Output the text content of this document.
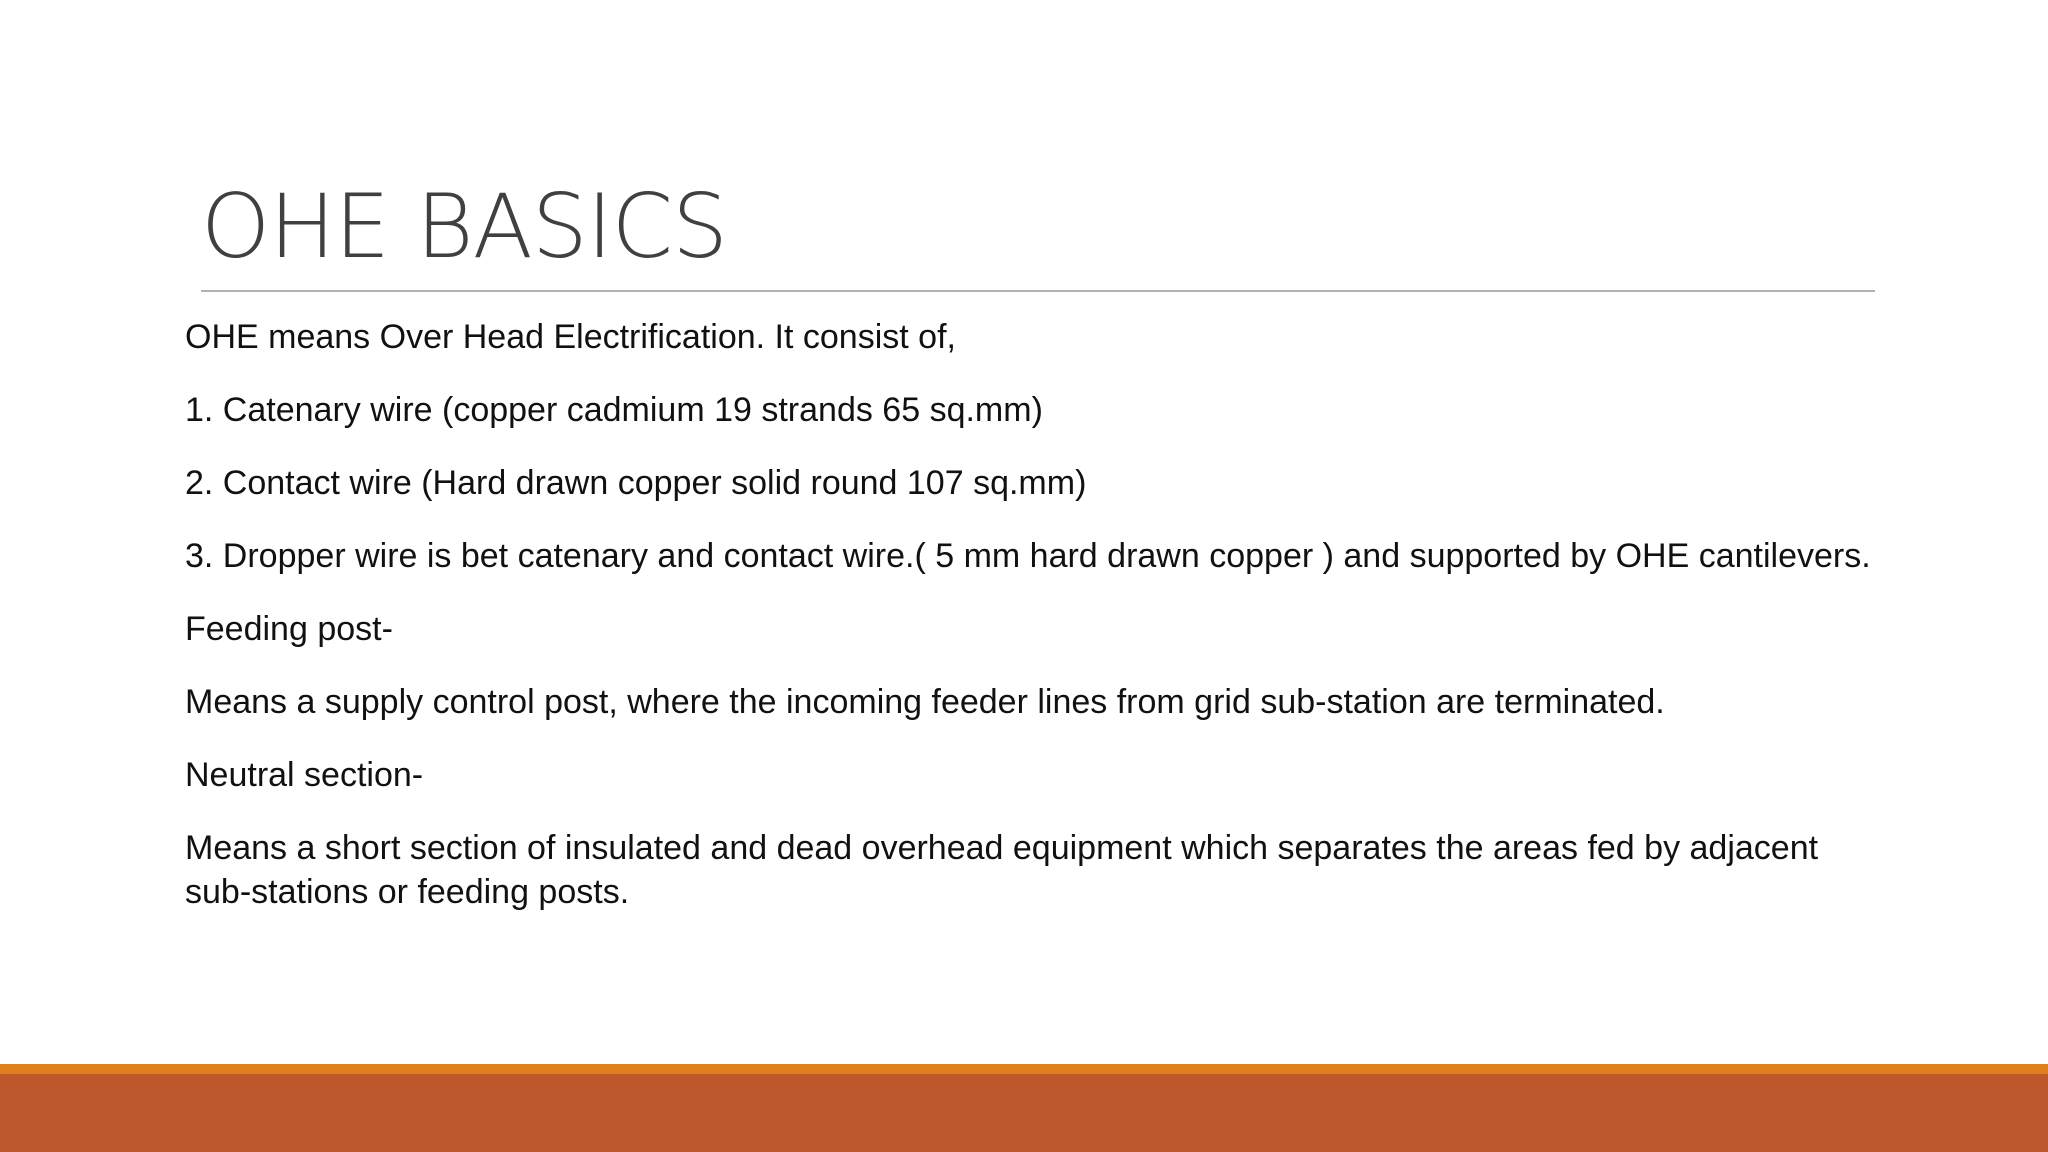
OHE BASICS

OHE means Over Head Electrification. It consist of,

1. Catenary wire (copper cadmium 19 strands 65 sq.mm)

2. Contact wire (Hard drawn copper solid round 107 sq.mm)

3. Dropper wire is bet catenary and contact wire.( 5 mm hard drawn copper ) and supported by OHE cantilevers.

Feeding post-

Means a supply control post, where the incoming feeder lines from grid sub-station are terminated.

Neutral section-

Means a short section of insulated and dead overhead equipment which separates the areas fed by adjacent sub-stations or feeding posts.
